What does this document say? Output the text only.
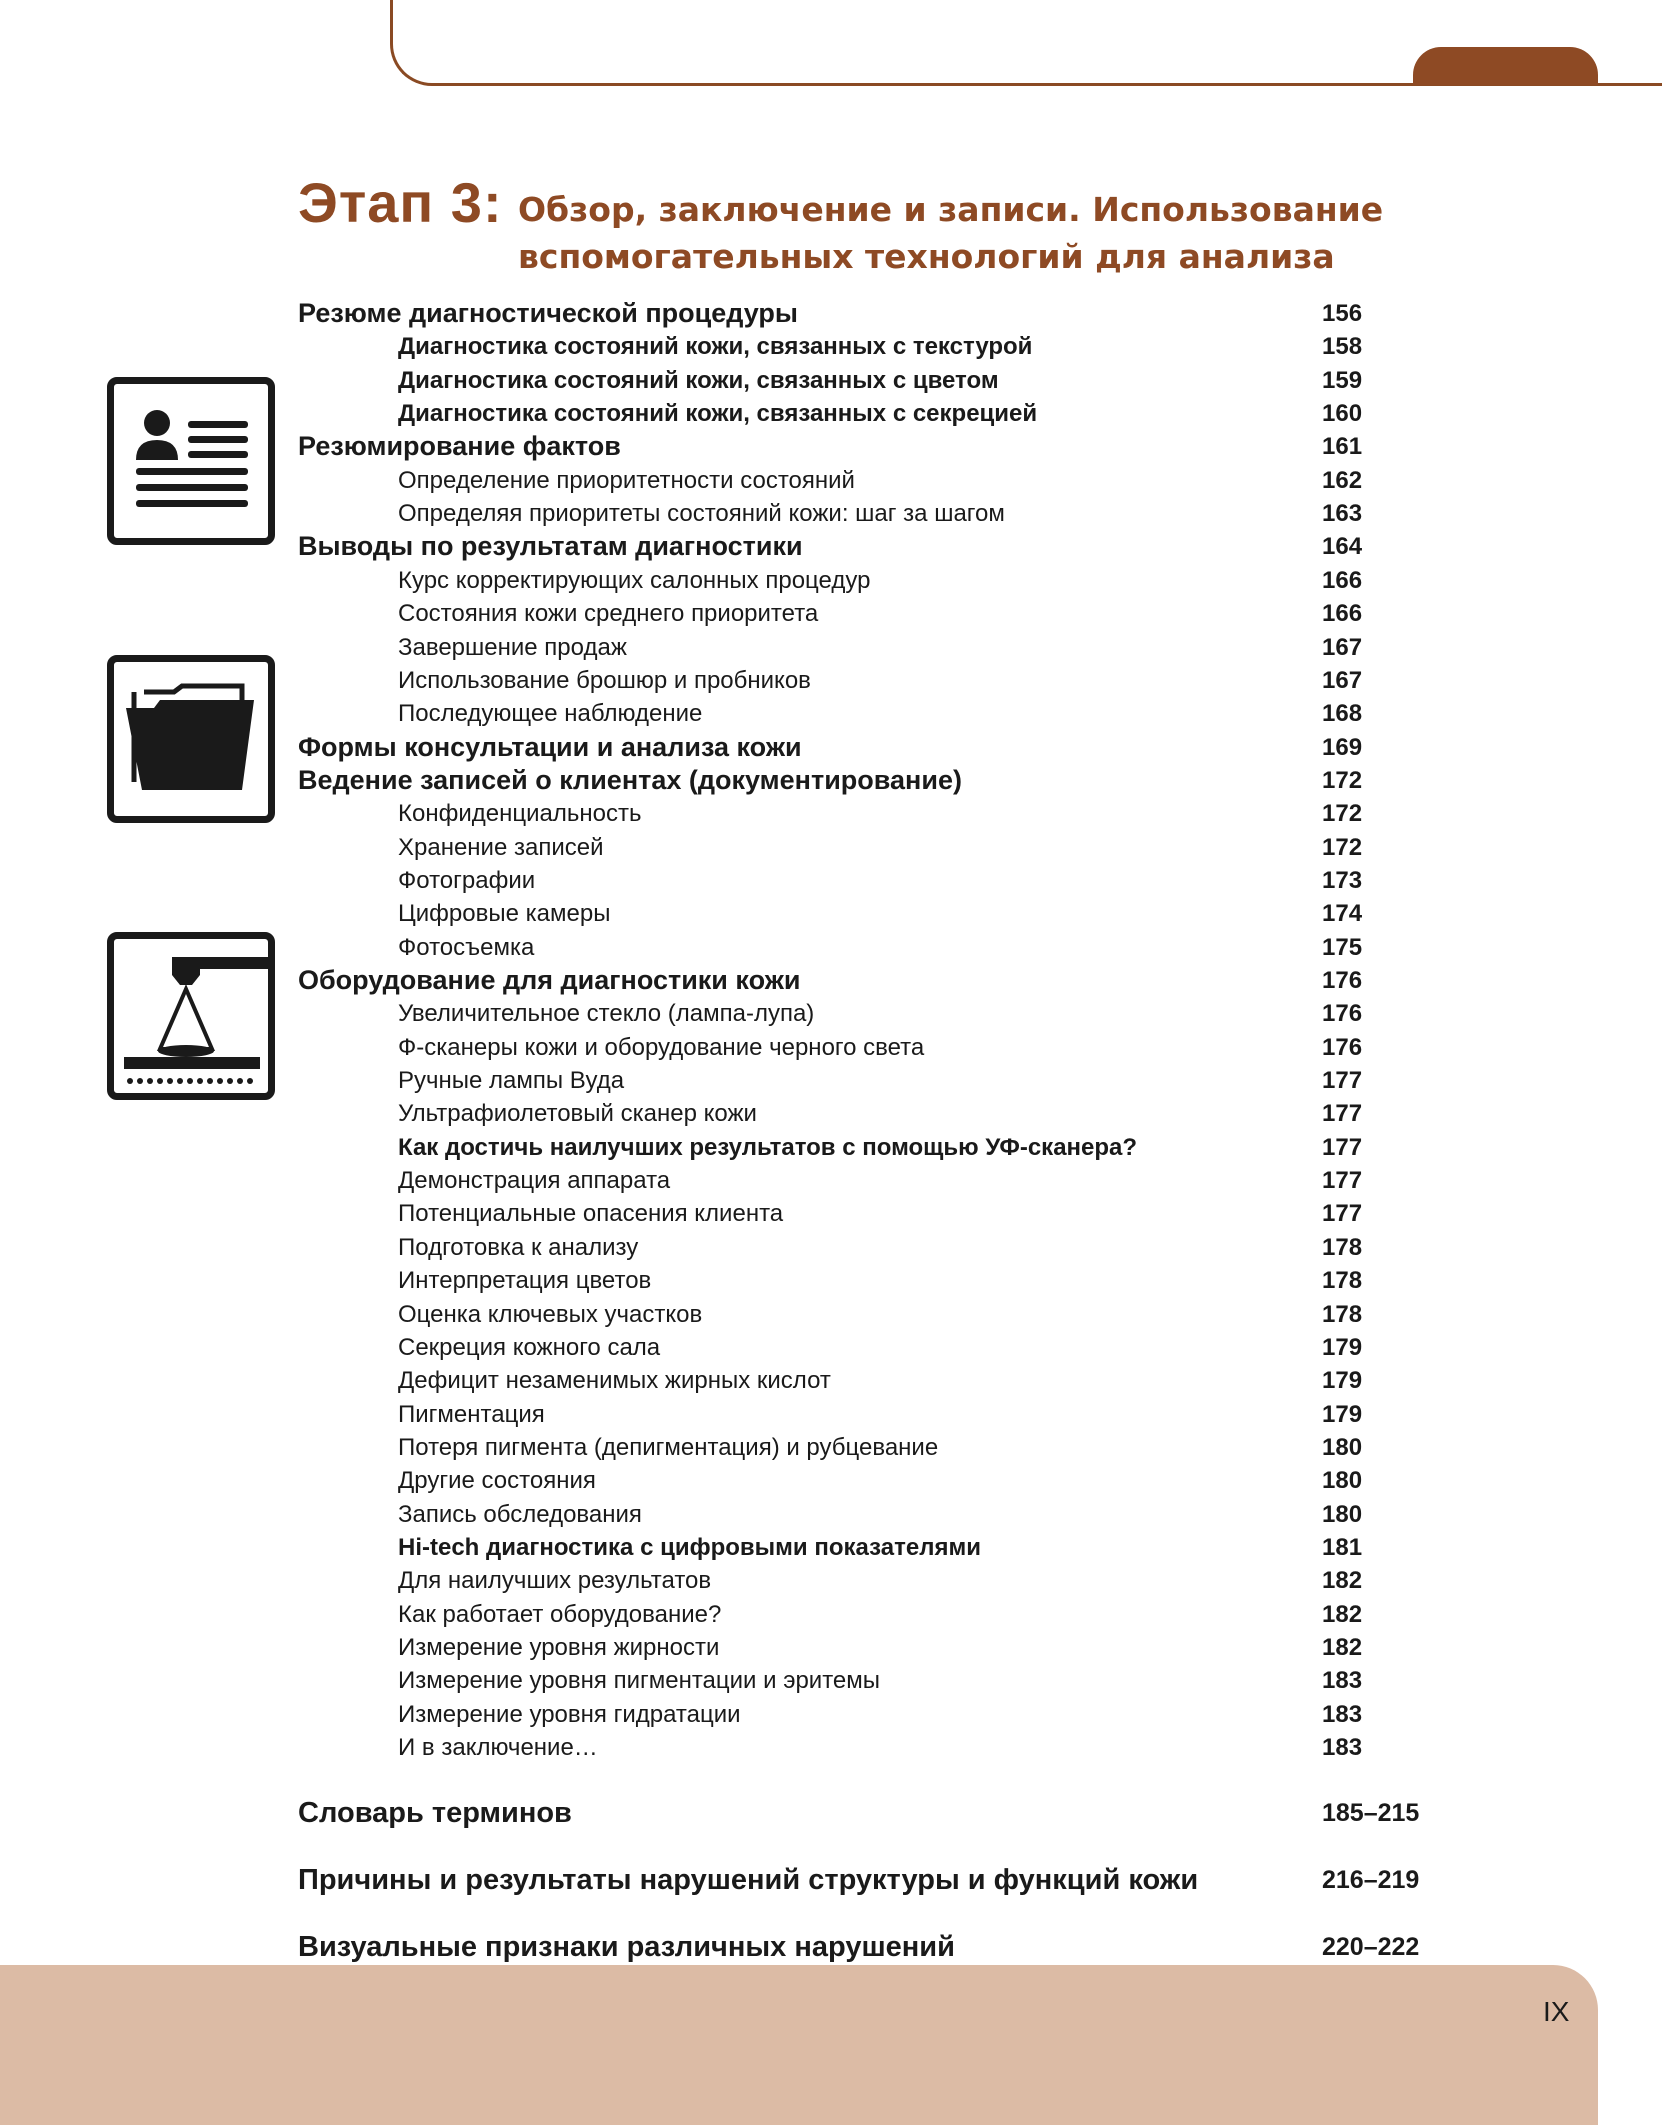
Этап 3: Обзор, заключение и записи. Использование
вспомогательных технологий для анализа
Резюме диагностической процедуры	156
Диагностика состояний кожи, связанных с текстурой	158
Диагностика состояний кожи, связанных с цветом	159
Диагностика состояний кожи, связанных с секрецией	160
Резюмирование фактов	161
Определение приоритетности состояний	162
Определяя приоритеты состояний кожи: шаг за шагом	163
Выводы по результатам диагностики	164
Курс корректирующих салонных процедур	166
Состояния кожи среднего приоритета	166
Завершение продаж	167
Использование брошюр и пробников	167
Последующее наблюдение	168
Формы консультации и анализа кожи	169
Ведение записей о клиентах (документирование)	172
Конфиденциальность	172
Хранение записей	172
Фотографии	173
Цифровые камеры	174
Фотосъемка	175
Оборудование для диагностики кожи	176
Увеличительное стекло (лампа-лупа)	176
Ф-сканеры кожи и оборудование черного света	176
Ручные лампы Вуда	177
Ультрафиолетовый сканер кожи	177
Как достичь наилучших результатов с помощью УФ-сканера?	177
Демонстрация аппарата	177
Потенциальные опасения клиента	177
Подготовка к анализу	178
Интерпретация цветов	178
Оценка ключевых участков	178
Секреция кожного сала	179
Дефицит незаменимых жирных кислот	179
Пигментация	179
Потеря пигмента (депигментация) и рубцевание	180
Другие состояния	180
Запись обследования	180
Hi-tech диагностика с цифровыми показателями	181
Для наилучших результатов	182
Как работает оборудование?	182
Измерение уровня жирности	182
Измерение уровня пигментации и эритемы	183
Измерение уровня гидратации	183
И в заключение…	183
Словарь терминов	185–215
Причины и результаты нарушений структуры и функций кожи	216–219
Визуальные признаки различных нарушений	220–222
IX
